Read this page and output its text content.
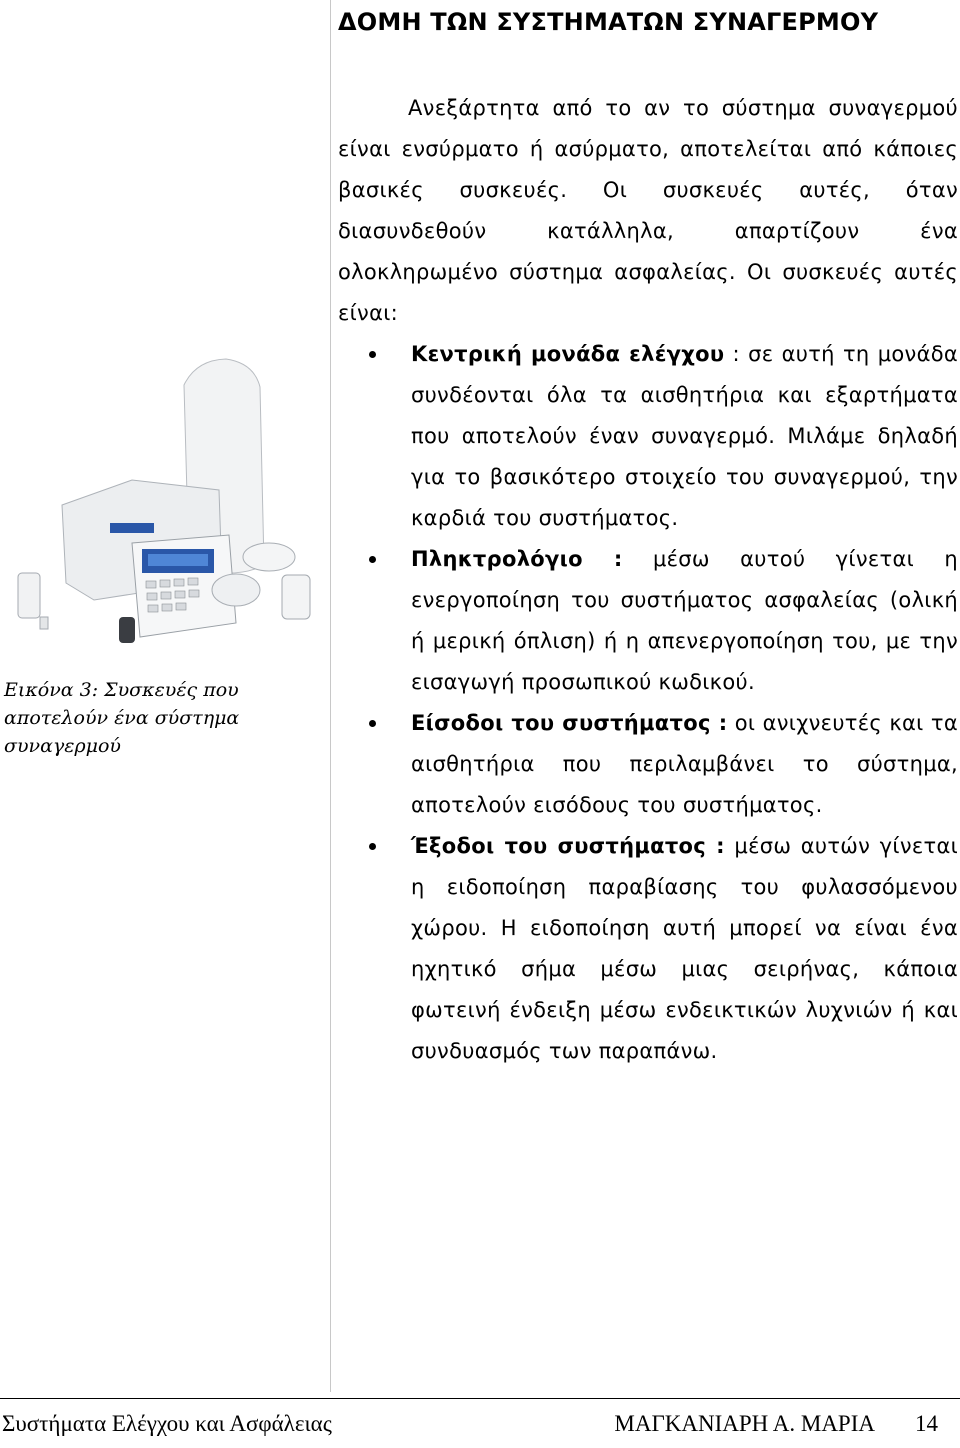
Εικόνα 3: Συσκευές που αποτελούν ένα σύστημα συναγερμού
ΔΟΜΗ ΤΩΝ ΣΥΣΤΗΜΑΤΩΝ ΣΥΝΑΓΕΡΜΟΥ

Ανεξάρτητα από το αν το σύστημα συναγερμού είναι ενσύρματο ή ασύρματο, αποτελείται από κάποιες βασικές συσκευές. Οι συσκευές αυτές, όταν διασυνδεθούν κατάλληλα, απαρτίζουν ένα ολοκληρωμένο σύστημα ασφαλείας. Οι συσκευές αυτές είναι:

Κεντρική μονάδα ελέγχου : σε αυτή τη μονάδα συνδέονται όλα τα αισθητήρια και εξαρτήματα που αποτελούν έναν συναγερμό. Μιλάμε δηλαδή για το βασικότερο στοιχείο του συναγερμού, την καρδιά του συστήματος.
Πληκτρολόγιο : μέσω αυτού γίνεται η ενεργοποίηση του συστήματος ασφαλείας (ολική ή μερική όπλιση) ή η απενεργοποίηση του, με την εισαγωγή προσωπικού κωδικού.
Είσοδοι του συστήματος : οι ανιχνευτές και τα αισθητήρια που περιλαμβάνει το σύστημα, αποτελούν εισόδους του συστήματος.
Έξοδοι του συστήματος : μέσω αυτών γίνεται η ειδοποίηση παραβίασης του φυλασσόμενου χώρου. Η ειδοποίηση αυτή μπορεί να είναι ένα ηχητικό σήμα μέσω μιας σειρήνας, κάποια φωτεινή ένδειξη μέσω ενδεικτικών λυχνιών ή και συνδυασμός των παραπάνω.
Συστήματα Ελέγχου και Ασφάλειας	ΜΑΓΚΑΝΙΑΡΗ Α. ΜΑΡΙΑ 14
